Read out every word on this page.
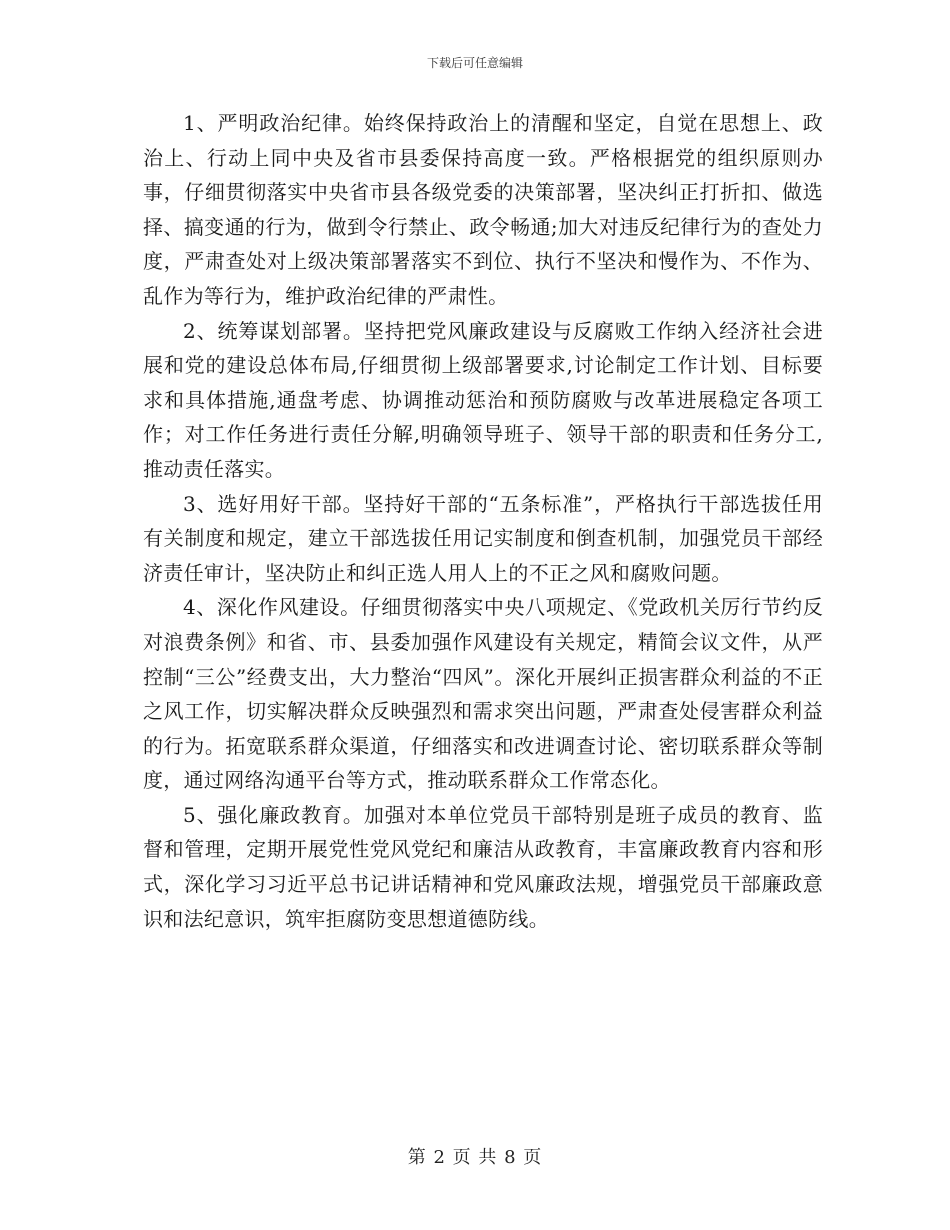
下载后可任意编辑

1、严明政治纪律。始终保持政治上的清醒和坚定，自觉在思想上、政治上、行动上同中央及省市县委保持高度一致。严格根据党的组织原则办事，仔细贯彻落实中央省市县各级党委的决策部署，坚决纠正打折扣、做选择、搞变通的行为，做到令行禁止、政令畅通;加大对违反纪律行为的查处力度，严肃查处对上级决策部署落实不到位、执行不坚决和慢作为、不作为、乱作为等行为，维护政治纪律的严肃性。

2、统筹谋划部署。坚持把党风廉政建设与反腐败工作纳入经济社会进展和党的建设总体布局,仔细贯彻上级部署要求,讨论制定工作计划、目标要求和具体措施,通盘考虑、协调推动惩治和预防腐败与改革进展稳定各项工作；对工作任务进行责任分解,明确领导班子、领导干部的职责和任务分工,推动责任落实。

3、选好用好干部。坚持好干部的“五条标准”，严格执行干部选拔任用有关制度和规定，建立干部选拔任用记实制度和倒查机制，加强党员干部经济责任审计，坚决防止和纠正选人用人上的不正之风和腐败问题。

4、深化作风建设。仔细贯彻落实中央八项规定、《党政机关厉行节约反对浪费条例》和省、市、县委加强作风建设有关规定，精简会议文件，从严控制“三公”经费支出，大力整治“四风”。深化开展纠正损害群众利益的不正之风工作，切实解决群众反映强烈和需求突出问题，严肃查处侵害群众利益的行为。拓宽联系群众渠道，仔细落实和改进调查讨论、密切联系群众等制度，通过网络沟通平台等方式，推动联系群众工作常态化。

5、强化廉政教育。加强对本单位党员干部特别是班子成员的教育、监督和管理，定期开展党性党风党纪和廉洁从政教育，丰富廉政教育内容和形式，深化学习习近平总书记讲话精神和党风廉政法规，增强党员干部廉政意识和法纪意识，筑牢拒腐防变思想道德防线。

第 2 页 共 8 页
